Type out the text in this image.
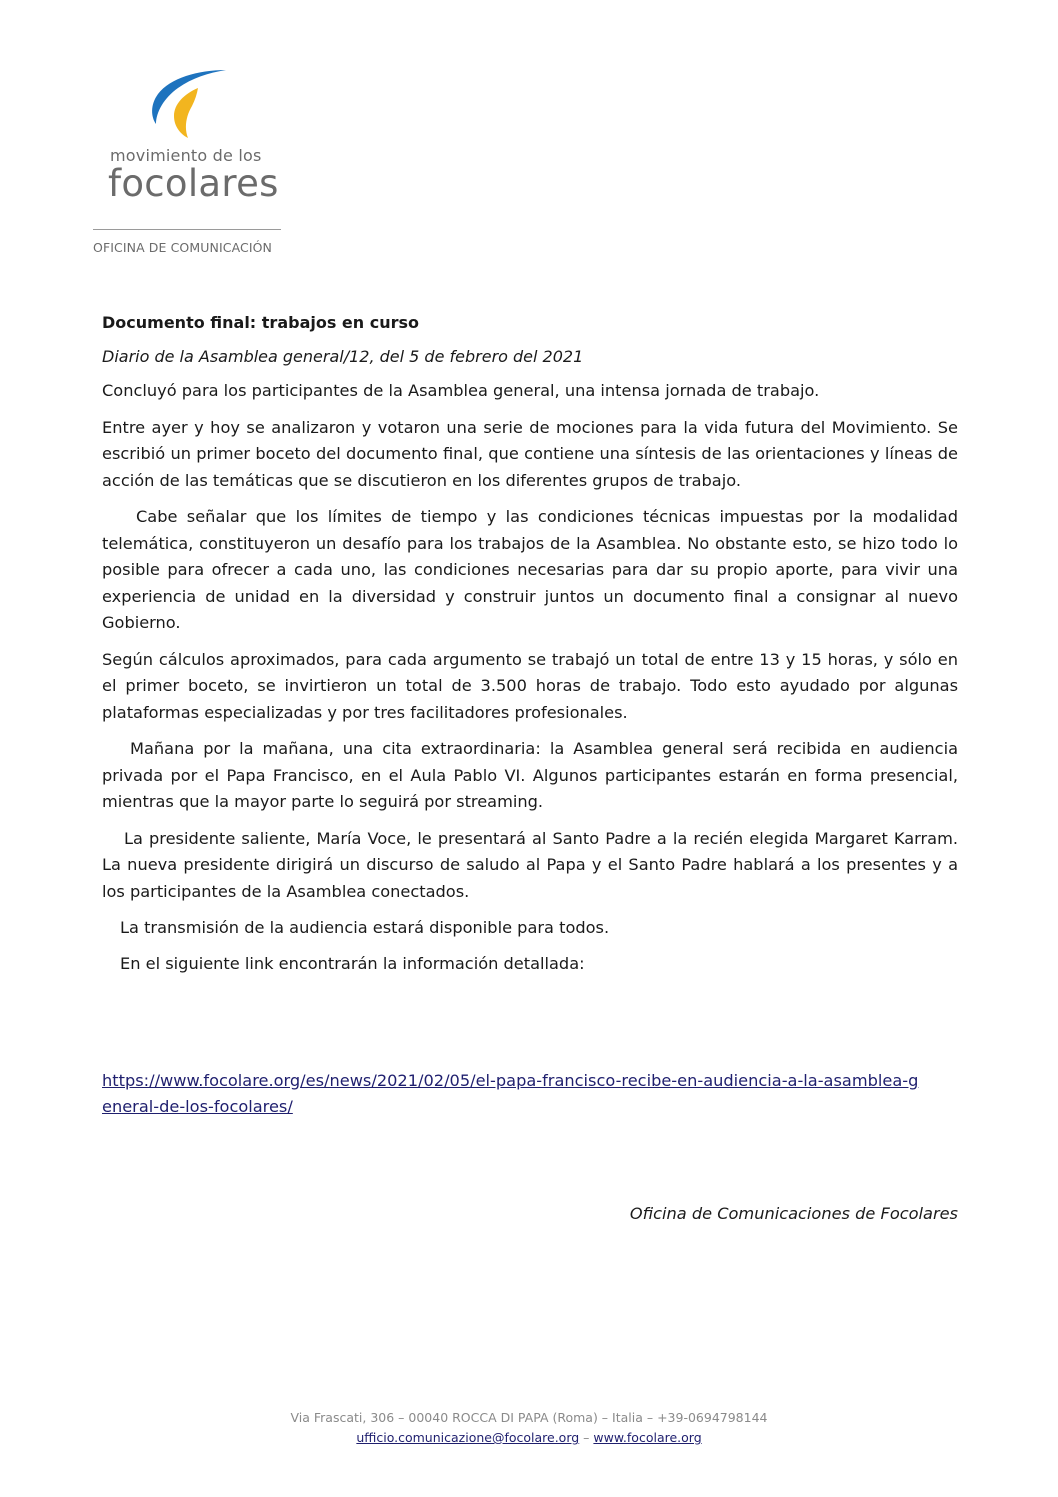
movimiento de los
focolares
OFICINA DE COMUNICACIÓN
Documento final: trabajos en curso
Diario de la Asamblea general/12, del 5 de febrero del 2021

Concluyó para los participantes de la Asamblea general, una intensa jornada de trabajo.

Entre ayer y hoy se analizaron y votaron una serie de mociones para la vida futura del Movimiento. Se escribió un primer boceto del documento final, que contiene una síntesis de las orientaciones y líneas de acción de las temáticas que se discutieron en los diferentes grupos de trabajo.

Cabe señalar que los límites de tiempo y las condiciones técnicas impuestas por la modalidad telemática, constituyeron un desafío para los trabajos de la Asamblea. No obstante esto, se hizo todo lo posible para ofrecer a cada uno, las condiciones necesarias para dar su propio aporte, para vivir una experiencia de unidad en la diversidad y construir juntos un documento final a consignar al nuevo Gobierno.

Según cálculos aproximados, para cada argumento se trabajó un total de entre 13 y 15 horas, y sólo en el primer boceto, se invirtieron un total de 3.500 horas de trabajo. Todo esto ayudado por algunas plataformas especializadas y por tres facilitadores profesionales.

Mañana por la mañana, una cita extraordinaria: la Asamblea general será recibida en audiencia privada por el Papa Francisco, en el Aula Pablo VI. Algunos participantes estarán en forma presencial, mientras que la mayor parte lo seguirá por streaming.

La presidente saliente, María Voce, le presentará al Santo Padre a la recién elegida Margaret Karram. La nueva presidente dirigirá un discurso de saludo al Papa y el Santo Padre hablará a los presentes y a los participantes de la Asamblea conectados.

La transmisión de la audiencia estará disponible para todos.
En el siguiente link encontrarán la información detallada:
https://www.focolare.org/es/news/2021/02/05/el-papa-francisco-recibe-en-audiencia-a-la-asamblea-general-de-los-focolares/
Oficina de Comunicaciones de Focolares
Via Frascati, 306 – 00040 ROCCA DI PAPA (Roma) – Italia – +39-0694798144
ufficio.comunicazione@focolare.org – www.focolare.org
